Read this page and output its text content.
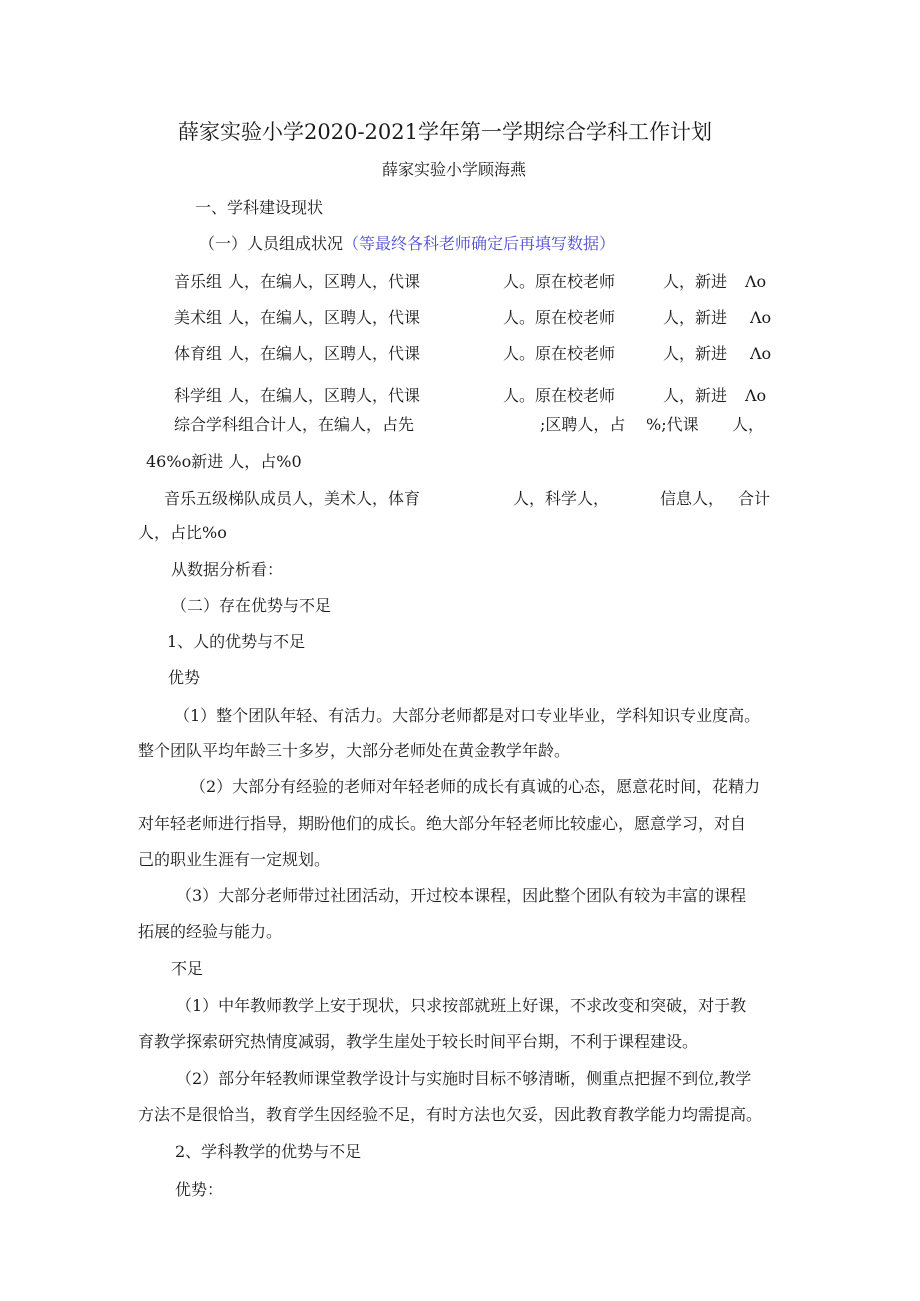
薛家实验小学2020-2021学年第一学期综合学科工作计划
薛家实验小学顾海燕
一、学科建设现状
（一）人员组成状况（等最终各科老师确定后再填写数据）
音乐组 人，在编人，区聘人，代课	人。原在校老师	人，新进 Λo
美术组 人，在编人，区聘人，代课	人。原在校老师	人，新进 Λo
体育组 人，在编人，区聘人，代课	人。原在校老师	人，新进 Λo
科学组 人，在编人，区聘人，代课	人。原在校老师	人，新进 Λo
综合学科组合计人，在编人，占先	;区聘人，占 %;代课 人，
46%o新进 人，占%0
音乐五级梯队成员人，美术人，体育	人，科学人，	信息人， 合计
人，占比%o
从数据分析看：
（二）存在优势与不足
1、人的优势与不足
优势
（1）整个团队年轻、有活力。大部分老师都是对口专业毕业，学科知识专业度高。
整个团队平均年龄三十多岁，大部分老师处在黄金教学年龄。
（2）大部分有经验的老师对年轻老师的成长有真诚的心态，愿意花时间，花精力
对年轻老师进行指导，期盼他们的成长。绝大部分年轻老师比较虚心，愿意学习，对自
己的职业生涯有一定规划。
（3）大部分老师带过社团活动，开过校本课程，因此整个团队有较为丰富的课程
拓展的经验与能力。
不足
（1）中年教师教学上安于现状，只求按部就班上好课，不求改变和突破，对于教
育教学探索研究热情度减弱，教学生崖处于较长时间平台期，不利于课程建设。
（2）部分年轻教师课堂教学设计与实施时目标不够清晰，侧重点把握不到位,教学
方法不是很恰当，教育学生因经验不足，有时方法也欠妥，因此教育教学能力均需提高。
2、学科教学的优势与不足
优势：
